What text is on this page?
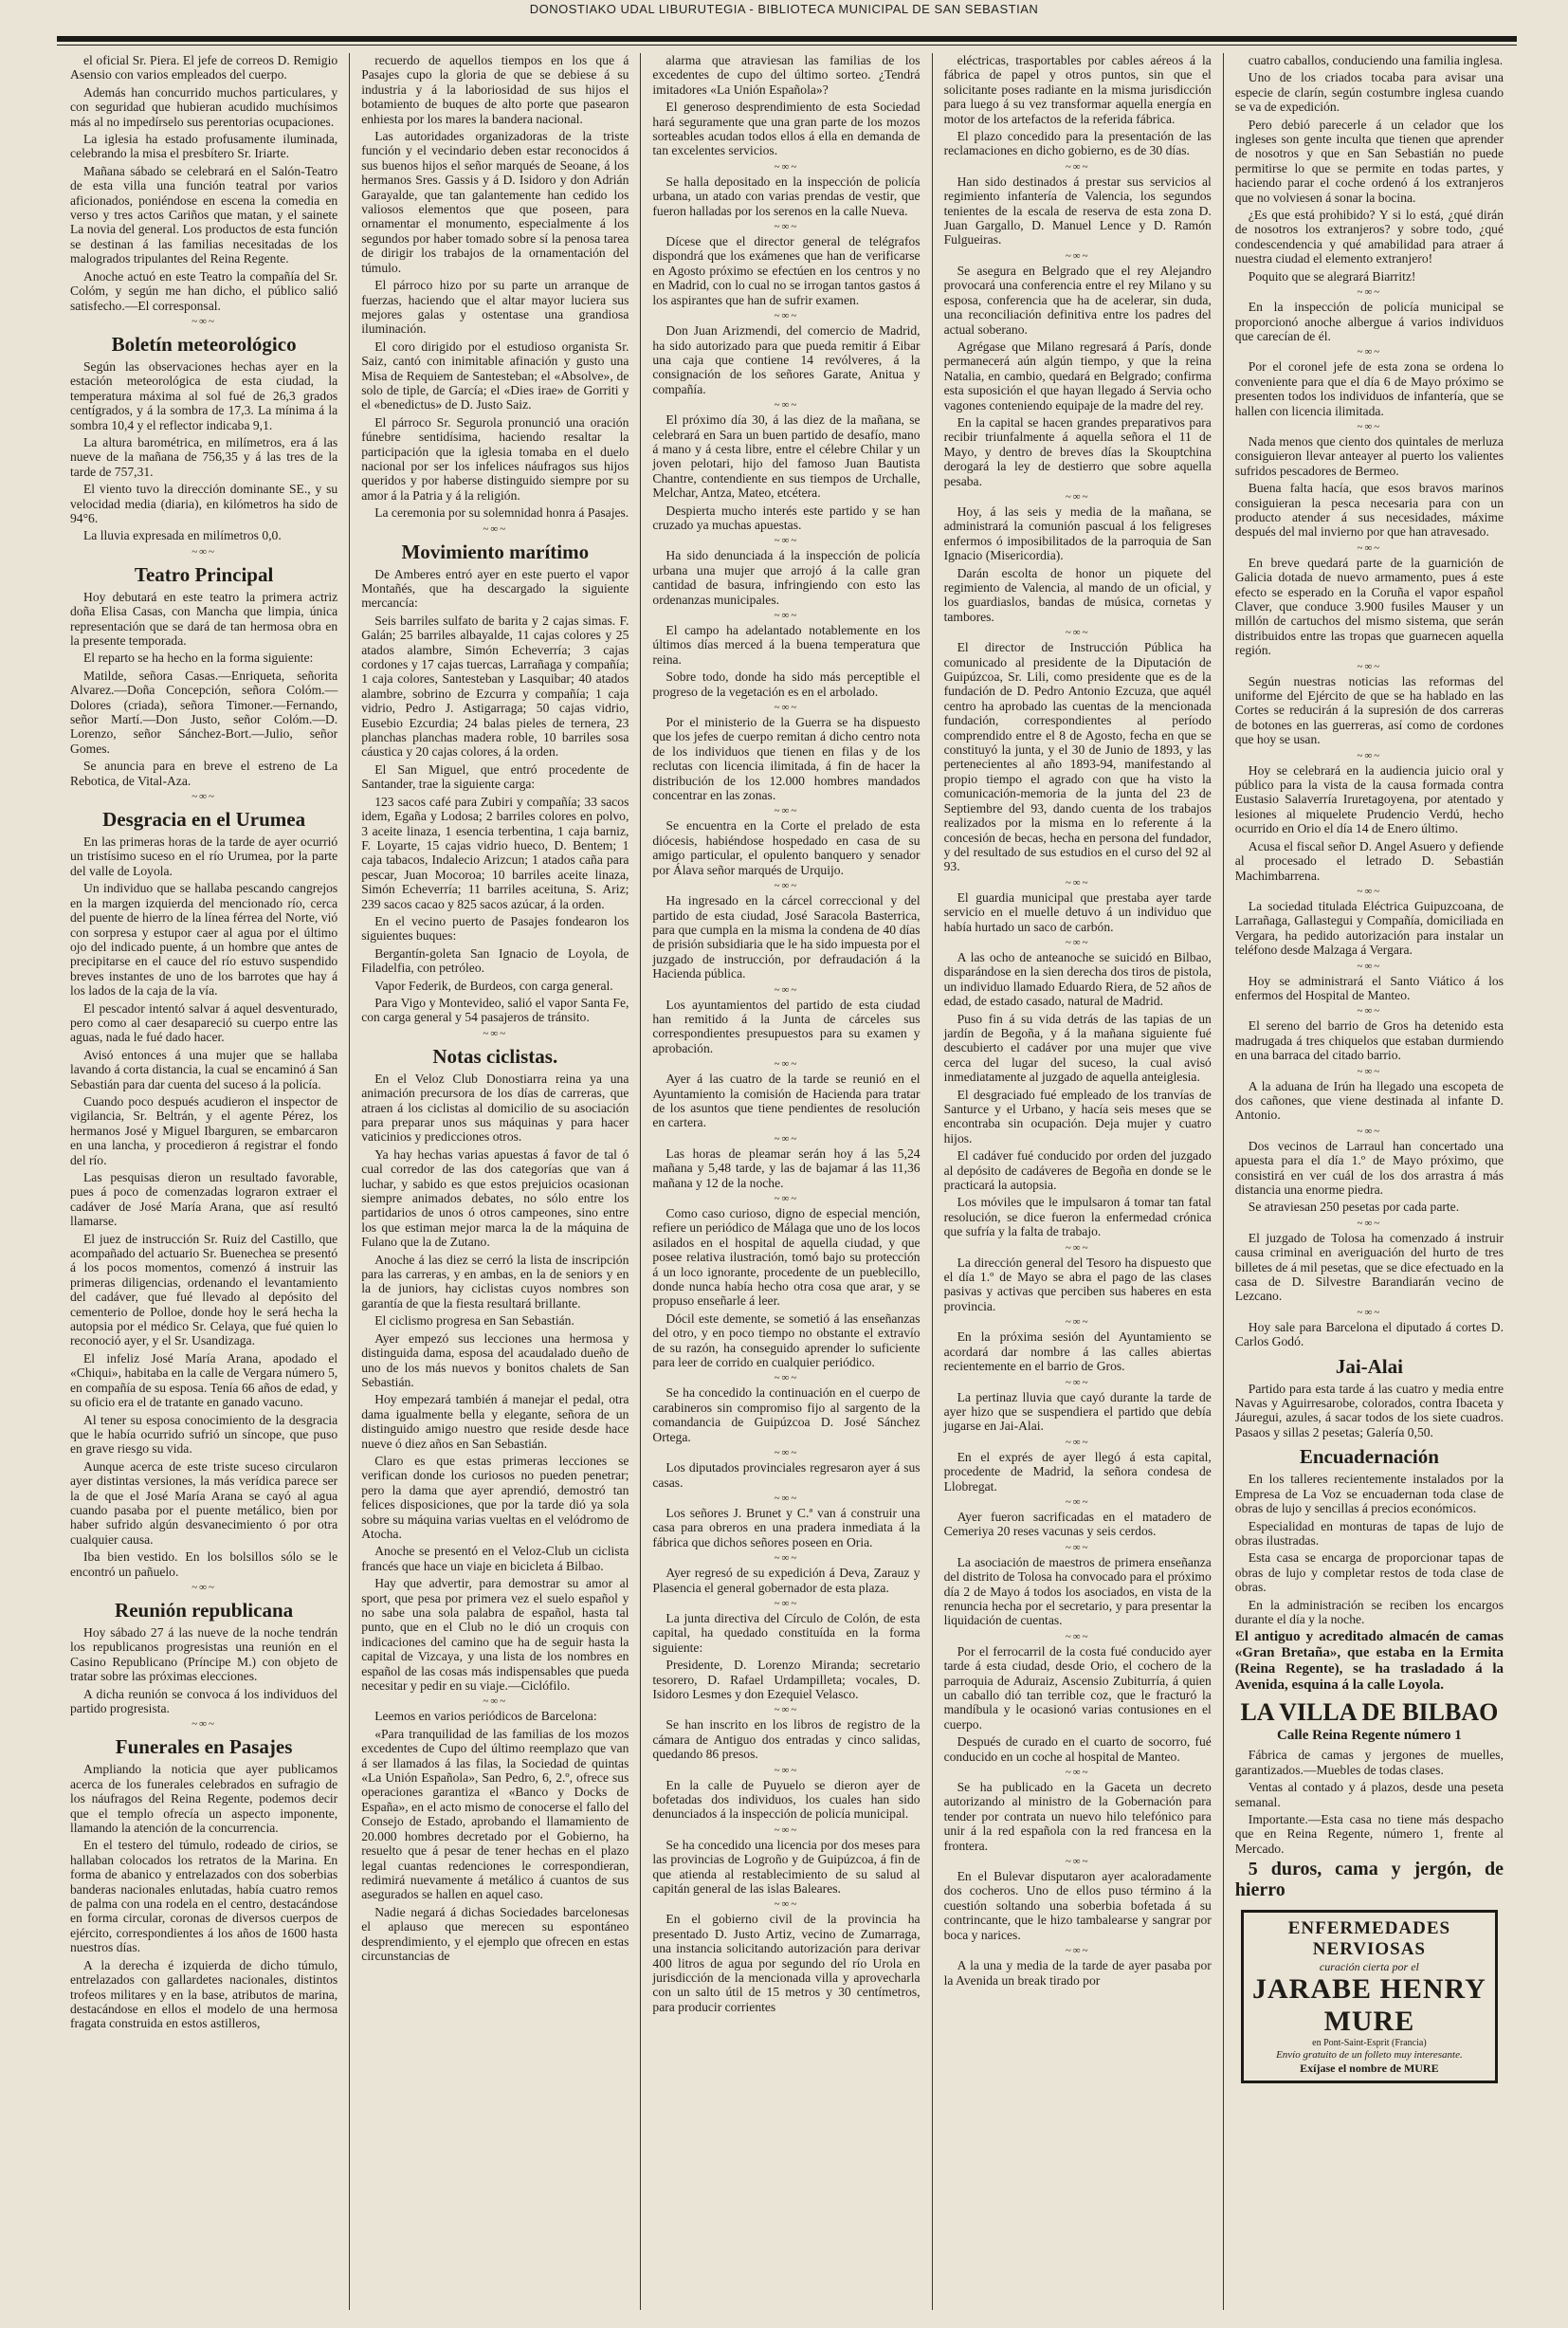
DONOSTIAKO UDAL LIBURUTEGIA - BIBLIOTECA MUNICIPAL DE SAN SEBASTIAN

el oficial Sr. Piera. El jefe de correos D. Remigio Asensio con varios empleados del cuerpo.

Además han concurrido muchos particulares, y con seguridad que hubieran acudido muchísimos más al no impedírselo sus perentorias ocupaciones.

La iglesia ha estado profusamente iluminada, celebrando la misa el presbítero Sr. Iriarte.

Mañana sábado se celebrará en el Salón-Teatro de esta villa una función teatral por varios aficionados, poniéndose en escena la comedia en verso y tres actos Cariños que matan, y el sainete La novia del general. Los productos de esta función se destinan á las familias necesitadas de los malogrados tripulantes del Reina Regente.

Anoche actuó en este Teatro la compañía del Sr. Colóm, y según me han dicho, el público salió satisfecho.—El corresponsal.

~∞~
Boletín meteorológico

Según las observaciones hechas ayer en la estación meteorológica de esta ciudad, la temperatura máxima al sol fué de 26,3 grados centígrados, y á la sombra de 17,3. La mínima á la sombra 10,4 y el reflector indicaba 9,1.

La altura barométrica, en milímetros, era á las nueve de la mañana de 756,35 y á las tres de la tarde de 757,31.

El viento tuvo la dirección dominante SE., y su velocidad media (diaria), en kilómetros ha sido de 94°6.

La lluvia expresada en milímetros 0,0.

~∞~
Teatro Principal

Hoy debutará en este teatro la primera actriz doña Elisa Casas, con Mancha que limpia, única representación que se dará de tan hermosa obra en la presente temporada.

El reparto se ha hecho en la forma siguiente:

Matilde, señora Casas.—Enriqueta, señorita Alvarez.—Doña Concepción, señora Colóm.—Dolores (criada), señora Timoner.—Fernando, señor Martí.—Don Justo, señor Colóm.—D. Lorenzo, señor Sánchez-Bort.—Julio, señor Gomes.

Se anuncia para en breve el estreno de La Rebotica, de Vital-Aza.

~∞~
Desgracia en el Urumea

En las primeras horas de la tarde de ayer ocurrió un tristísimo suceso en el río Urumea, por la parte del valle de Loyola.

Un individuo que se hallaba pescando cangrejos en la margen izquierda del mencionado río, cerca del puente de hierro de la línea férrea del Norte, vió con sorpresa y estupor caer al agua por el último ojo del indicado puente, á un hombre que antes de precipitarse en el cauce del río estuvo suspendido breves instantes de uno de los barrotes que hay á los lados de la caja de la vía.

El pescador intentó salvar á aquel desventurado, pero como al caer desapareció su cuerpo entre las aguas, nada le fué dado hacer.

Avisó entonces á una mujer que se hallaba lavando á corta distancia, la cual se encaminó á San Sebastián para dar cuenta del suceso á la policía.

Cuando poco después acudieron el inspector de vigilancia, Sr. Beltrán, y el agente Pérez, los hermanos José y Miguel Ibarguren, se embarcaron en una lancha, y procedieron á registrar el fondo del río.

Las pesquisas dieron un resultado favorable, pues á poco de comenzadas lograron extraer el cadáver de José María Arana, que así resultó llamarse.

El juez de instrucción Sr. Ruiz del Castillo, que acompañado del actuario Sr. Buenechea se presentó á los pocos momentos, comenzó á instruir las primeras diligencias, ordenando el levantamiento del cadáver, que fué llevado al depósito del cementerio de Polloe, donde hoy le será hecha la autopsia por el médico Sr. Celaya, que fué quien lo reconoció ayer, y el Sr. Usandizaga.

El infeliz José María Arana, apodado el «Chiqui», habitaba en la calle de Vergara número 5, en compañía de su esposa. Tenía 66 años de edad, y su oficio era el de tratante en ganado vacuno.

Al tener su esposa conocimiento de la desgracia que le había ocurrido sufrió un síncope, que puso en grave riesgo su vida.

Aunque acerca de este triste suceso circularon ayer distintas versiones, la más verídica parece ser la de que el José María Arana se cayó al agua cuando pasaba por el puente metálico, bien por haber sufrido algún desvanecimiento ó por otra cualquier causa.

Iba bien vestido. En los bolsillos sólo se le encontró un pañuelo.

~∞~
Reunión republicana

Hoy sábado 27 á las nueve de la noche tendrán los republicanos progresistas una reunión en el Casino Republicano (Príncipe M.) con objeto de tratar sobre las próximas elecciones.

A dicha reunión se convoca á los individuos del partido progresista.

~∞~
Funerales en Pasajes

Ampliando la noticia que ayer publicamos acerca de los funerales celebrados en sufragio de los náufragos del Reina Regente, podemos decir que el templo ofrecía un aspecto imponente, llamando la atención de la concurrencia.

En el testero del túmulo, rodeado de cirios, se hallaban colocados los retratos de la Marina. En forma de abanico y entrelazados con dos soberbias banderas nacionales enlutadas, había cuatro remos de palma con una rodela en el centro, destacándose en forma circular, coronas de diversos cuerpos de ejército, correspondientes á los años de 1600 hasta nuestros días.

A la derecha é izquierda de dicho túmulo, entrelazados con gallardetes nacionales, distintos trofeos militares y en la base, atributos de marina, destacándose en ellos el modelo de una hermosa fragata construida en estos astilleros,

recuerdo de aquellos tiempos en los que á Pasajes cupo la gloria de que se debiese á su industria y á la laboriosidad de sus hijos el botamiento de buques de alto porte que pasearon enhiesta por los mares la bandera nacional.

Las autoridades organizadoras de la triste función y el vecindario deben estar reconocidos á sus buenos hijos el señor marqués de Seoane, á los hermanos Sres. Gassis y á D. Isidoro y don Adrián Garayalde, que tan galantemente han cedido los valiosos elementos que que poseen, para ornamentar el monumento, especialmente á los segundos por haber tomado sobre sí la penosa tarea de dirigir los trabajos de la ornamentación del túmulo.

El párroco hizo por su parte un arranque de fuerzas, haciendo que el altar mayor luciera sus mejores galas y ostentase una grandiosa iluminación.

El coro dirigido por el estudioso organista Sr. Saiz, cantó con inimitable afinación y gusto una Misa de Requiem de Santesteban; el «Absolve», de solo de tiple, de García; el «Dies irae» de Gorriti y el «benedictus» de D. Justo Saiz.

El párroco Sr. Segurola pronunció una oración fúnebre sentidísima, haciendo resaltar la participación que la iglesia tomaba en el duelo nacional por ser los infelices náufragos sus hijos queridos y por haberse distinguido siempre por su amor á la Patria y á la religión.

La ceremonia por su solemnidad honra á Pasajes.

~∞~
Movimiento marítimo

De Amberes entró ayer en este puerto el vapor Montañés, que ha descargado la siguiente mercancía:

Seis barriles sulfato de barita y 2 cajas simas. F. Galán; 25 barriles albayalde, 11 cajas colores y 25 atados alambre, Simón Echeverría; 3 cajas cordones y 17 cajas tuercas, Larrañaga y compañía; 1 caja colores, Santesteban y Lasquibar; 40 atados alambre, sobrino de Ezcurra y compañía; 1 caja vidrio, Pedro J. Astigarraga; 50 cajas vidrio, Eusebio Ezcurdia; 24 balas pieles de ternera, 23 planchas planchas madera roble, 10 barriles sosa cáustica y 20 cajas colores, á la orden.

El San Miguel, que entró procedente de Santander, trae la siguiente carga:

123 sacos café para Zubiri y compañía; 33 sacos idem, Egaña y Lodosa; 2 barriles colores en polvo, 3 aceite linaza, 1 esencia terbentina, 1 caja barniz, F. Loyarte, 15 cajas vidrio hueco, D. Bentem; 1 caja tabacos, Indalecio Arizcun; 1 atados caña para pescar, Juan Mocoroa; 10 barriles aceite linaza, Simón Echeverría; 11 barriles aceituna, S. Ariz; 239 sacos cacao y 825 sacos azúcar, á la orden.

En el vecino puerto de Pasajes fondearon los siguientes buques:

Bergantín-goleta San Ignacio de Loyola, de Filadelfia, con petróleo.

Vapor Federik, de Burdeos, con carga general.

Para Vigo y Montevideo, salió el vapor Santa Fe, con carga general y 54 pasajeros de tránsito.

~∞~
Notas ciclistas.

En el Veloz Club Donostiarra reina ya una animación precursora de los días de carreras, que atraen á los ciclistas al domicilio de su asociación para preparar unos sus máquinas y para hacer vaticinios y predicciones otros.

Ya hay hechas varias apuestas á favor de tal ó cual corredor de las dos categorías que van á luchar, y sabido es que estos prejuicios ocasionan siempre animados debates, no sólo entre los partidarios de unos ó otros campeones, sino entre los que estiman mejor marca la de la máquina de Fulano que la de Zutano.

Anoche á las diez se cerró la lista de inscripción para las carreras, y en ambas, en la de seniors y en la de juniors, hay ciclistas cuyos nombres son garantía de que la fiesta resultará brillante.

El ciclismo progresa en San Sebastián.

Ayer empezó sus lecciones una hermosa y distinguida dama, esposa del acaudalado dueño de uno de los más nuevos y bonitos chalets de San Sebastián.

Hoy empezará también á manejar el pedal, otra dama igualmente bella y elegante, señora de un distinguido amigo nuestro que reside desde hace nueve ó diez años en San Sebastián.

Claro es que estas primeras lecciones se verifican donde los curiosos no pueden penetrar; pero la dama que ayer aprendió, demostró tan felices disposiciones, que por la tarde dió ya sola sobre su máquina varias vueltas en el velódromo de Atocha.

Anoche se presentó en el Veloz-Club un ciclista francés que hace un viaje en bicicleta á Bilbao.

Hay que advertir, para demostrar su amor al sport, que pesa por primera vez el suelo español y no sabe una sola palabra de español, hasta tal punto, que en el Club no le dió un croquis con indicaciones del camino que ha de seguir hasta la capital de Vizcaya, y una lista de los nombres en español de las cosas más indispensables que pueda necesitar y pedir en su viaje.—Ciclófilo.

~∞~

Leemos en varios periódicos de Barcelona:

«Para tranquilidad de las familias de los mozos excedentes de Cupo del último reemplazo que van á ser llamados á las filas, la Sociedad de quintas «La Unión Española», San Pedro, 6, 2.º, ofrece sus operaciones garantiza el «Banco y Docks de España», en el acto mismo de conocerse el fallo del Consejo de Estado, aprobando el llamamiento de 20.000 hombres decretado por el Gobierno, ha resuelto que á pesar de tener hechas en el plazo legal cuantas redenciones le correspondieran, redimirá nuevamente á metálico á cuantos de sus asegurados se hallen en aquel caso.

Nadie negará á dichas Sociedades barcelonesas el aplauso que merecen su espontáneo desprendimiento, y el ejemplo que ofrecen en estas circunstancias de

alarma que atraviesan las familias de los excedentes de cupo del último sorteo. ¿Tendrá imitadores «La Unión Española»?

El generoso desprendimiento de esta Sociedad hará seguramente que una gran parte de los mozos sorteables acudan todos ellos á ella en demanda de tan excelentes servicios.

~∞~

Se halla depositado en la inspección de policía urbana, un atado con varias prendas de vestir, que fueron halladas por los serenos en la calle Nueva.

~∞~

Dícese que el director general de telégrafos dispondrá que los exámenes que han de verificarse en Agosto próximo se efectúen en los centros y no en Madrid, con lo cual no se irrogan tantos gastos á los aspirantes que han de sufrir examen.

~∞~

Don Juan Arizmendi, del comercio de Madrid, ha sido autorizado para que pueda remitir á Eibar una caja que contiene 14 revólveres, á la consignación de los señores Garate, Anitua y compañía.

~∞~

El próximo día 30, á las diez de la mañana, se celebrará en Sara un buen partido de desafío, mano á mano y á cesta libre, entre el célebre Chilar y un joven pelotari, hijo del famoso Juan Bautista Chantre, contendiente en sus tiempos de Urchalle, Melchar, Antza, Mateo, etcétera.

Despierta mucho interés este partido y se han cruzado ya muchas apuestas.

~∞~

Ha sido denunciada á la inspección de policía urbana una mujer que arrojó á la calle gran cantidad de basura, infringiendo con esto las ordenanzas municipales.

~∞~

El campo ha adelantado notablemente en los últimos días merced á la buena temperatura que reina.

Sobre todo, donde ha sido más perceptible el progreso de la vegetación es en el arbolado.

~∞~

Por el ministerio de la Guerra se ha dispuesto que los jefes de cuerpo remitan á dicho centro nota de los individuos que tienen en filas y de los reclutas con licencia ilimitada, á fin de hacer la distribución de los 12.000 hombres mandados concentrar en las zonas.

~∞~

Se encuentra en la Corte el prelado de esta diócesis, habiéndose hospedado en casa de su amigo particular, el opulento banquero y senador por Álava señor marqués de Urquijo.

~∞~

Ha ingresado en la cárcel correccional y del partido de esta ciudad, José Saracola Basterrica, para que cumpla en la misma la condena de 40 días de prisión subsidiaria que le ha sido impuesta por el juzgado de instrucción, por defraudación á la Hacienda pública.

~∞~

Los ayuntamientos del partido de esta ciudad han remitido á la Junta de cárceles sus correspondientes presupuestos para su examen y aprobación.

~∞~

Ayer á las cuatro de la tarde se reunió en el Ayuntamiento la comisión de Hacienda para tratar de los asuntos que tiene pendientes de resolución en cartera.

~∞~

Las horas de pleamar serán hoy á las 5,24 mañana y 5,48 tarde, y las de bajamar á las 11,36 mañana y 12 de la noche.

~∞~

Como caso curioso, digno de especial mención, refiere un periódico de Málaga que uno de los locos asilados en el hospital de aquella ciudad, y que posee relativa ilustración, tomó bajo su protección á un loco ignorante, procedente de un pueblecillo, donde nunca había hecho otra cosa que arar, y se propuso enseñarle á leer.

Dócil este demente, se sometió á las enseñanzas del otro, y en poco tiempo no obstante el extravío de su razón, ha conseguido aprender lo suficiente para leer de corrido en cualquier periódico.

~∞~

Se ha concedido la continuación en el cuerpo de carabineros sin compromiso fijo al sargento de la comandancia de Guipúzcoa D. José Sánchez Ortega.

~∞~

Los diputados provinciales regresaron ayer á sus casas.

~∞~

Los señores J. Brunet y C.ª van á construir una casa para obreros en una pradera inmediata á la fábrica que dichos señores poseen en Oria.

~∞~

Ayer regresó de su expedición á Deva, Zarauz y Plasencia el general gobernador de esta plaza.

~∞~

La junta directiva del Círculo de Colón, de esta capital, ha quedado constituída en la forma siguiente:

Presidente, D. Lorenzo Miranda; secretario tesorero, D. Rafael Urdampilleta; vocales, D. Isidoro Lesmes y don Ezequiel Velasco.

~∞~

Se han inscrito en los libros de registro de la cámara de Antiguo dos entradas y cinco salidas, quedando 86 presos.

~∞~

En la calle de Puyuelo se dieron ayer de bofetadas dos individuos, los cuales han sido denunciados á la inspección de policía municipal.

~∞~

Se ha concedido una licencia por dos meses para las provincias de Logroño y de Guipúzcoa, á fin de que atienda al restablecimiento de su salud al capitán general de las islas Baleares.

~∞~

En el gobierno civil de la provincia ha presentado D. Justo Artiz, vecino de Zumarraga, una instancia solicitando autorización para derivar 400 litros de agua por segundo del río Urola en jurisdicción de la mencionada villa y aprovecharla con un salto útil de 15 metros y 30 centímetros, para producir corrientes

eléctricas, trasportables por cables aéreos á la fábrica de papel y otros puntos, sin que el solicitante poses radiante en la misma jurisdicción para luego á su vez transformar aquella energía en motor de los artefactos de la referida fábrica.

El plazo concedido para la presentación de las reclamaciones en dicho gobierno, es de 30 días.

~∞~

Han sido destinados á prestar sus servicios al regimiento infantería de Valencia, los segundos tenientes de la escala de reserva de esta zona D. Juan Gargallo, D. Manuel Lence y D. Ramón Fulgueiras.

~∞~

Se asegura en Belgrado que el rey Alejandro provocará una conferencia entre el rey Milano y su esposa, conferencia que ha de acelerar, sin duda, una reconciliación definitiva entre los padres del actual soberano.

Agrégase que Milano regresará á París, donde permanecerá aún algún tiempo, y que la reina Natalia, en cambio, quedará en Belgrado; confirma esta suposición el que hayan llegado á Servia ocho vagones conteniendo equipaje de la madre del rey.

En la capital se hacen grandes preparativos para recibir triunfalmente á aquella señora el 11 de Mayo, y dentro de breves días la Skouptchina derogará la ley de destierro que sobre aquella pesaba.

~∞~

Hoy, á las seis y media de la mañana, se administrará la comunión pascual á los feligreses enfermos ó imposibilitados de la parroquia de San Ignacio (Misericordia).

Darán escolta de honor un piquete del regimiento de Valencia, al mando de un oficial, y los guardiaslos, bandas de música, cornetas y tambores.

~∞~

El director de Instrucción Pública ha comunicado al presidente de la Diputación de Guipúzcoa, Sr. Lili, como presidente que es de la fundación de D. Pedro Antonio Ezcuza, que aquél centro ha aprobado las cuentas de la mencionada fundación, correspondientes al período comprendido entre el 8 de Agosto, fecha en que se constituyó la junta, y el 30 de Junio de 1893, y las pertenecientes al año 1893-94, manifestando al propio tiempo el agrado con que ha visto la comunicación-memoria de la junta del 23 de Septiembre del 93, dando cuenta de los trabajos realizados por la misma en lo referente á la concesión de becas, hecha en persona del fundador, y del resultado de sus estudios en el curso del 92 al 93.

~∞~

El guardia municipal que prestaba ayer tarde servicio en el muelle detuvo á un individuo que había hurtado un saco de carbón.

~∞~

A las ocho de anteanoche se suicidó en Bilbao, disparándose en la sien derecha dos tiros de pistola, un individuo llamado Eduardo Riera, de 52 años de edad, de estado casado, natural de Madrid.

Puso fin á su vida detrás de las tapias de un jardín de Begoña, y á la mañana siguiente fué descubierto el cadáver por una mujer que vive cerca del lugar del suceso, la cual avisó inmediatamente al juzgado de aquella anteiglesia.

El desgraciado fué empleado de los tranvías de Santurce y el Urbano, y hacía seis meses que se encontraba sin ocupación. Deja mujer y cuatro hijos.

El cadáver fué conducido por orden del juzgado al depósito de cadáveres de Begoña en donde se le practicará la autopsia.

Los móviles que le impulsaron á tomar tan fatal resolución, se dice fueron la enfermedad crónica que sufría y la falta de trabajo.

~∞~

La dirección general del Tesoro ha dispuesto que el día 1.º de Mayo se abra el pago de las clases pasivas y activas que perciben sus haberes en esta provincia.

~∞~

En la próxima sesión del Ayuntamiento se acordará dar nombre á las calles abiertas recientemente en el barrio de Gros.

~∞~

La pertinaz lluvia que cayó durante la tarde de ayer hizo que se suspendiera el partido que debía jugarse en Jai-Alai.

~∞~

En el exprés de ayer llegó á esta capital, procedente de Madrid, la señora condesa de Llobregat.

~∞~

Ayer fueron sacrificadas en el matadero de Cemeriya 20 reses vacunas y seis cerdos.

~∞~

La asociación de maestros de primera enseñanza del distrito de Tolosa ha convocado para el próximo día 2 de Mayo á todos los asociados, en vista de la renuncia hecha por el secretario, y para presentar la liquidación de cuentas.

~∞~

Por el ferrocarril de la costa fué conducido ayer tarde á esta ciudad, desde Orio, el cochero de la parroquia de Aduraiz, Ascensio Zubiturría, á quien un caballo dió tan terrible coz, que le fracturó la mandíbula y le ocasionó varias contusiones en el cuerpo.

Después de curado en el cuarto de socorro, fué conducido en un coche al hospital de Manteo.

~∞~

Se ha publicado en la Gaceta un decreto autorizando al ministro de la Gobernación para tender por contrata un nuevo hilo telefónico para unir á la red española con la red francesa en la frontera.

~∞~

En el Bulevar disputaron ayer acaloradamente dos cocheros. Uno de ellos puso término á la cuestión soltando una soberbia bofetada á su contrincante, que le hizo tambalearse y sangrar por boca y narices.

~∞~

A la una y media de la tarde de ayer pasaba por la Avenida un break tirado por

cuatro caballos, conduciendo una familia inglesa.

Uno de los criados tocaba para avisar una especie de clarín, según costumbre inglesa cuando se va de expedición.

Pero debió parecerle á un celador que los ingleses son gente inculta que tienen que aprender de nosotros y que en San Sebastián no puede permitirse lo que se permite en todas partes, y haciendo parar el coche ordenó á los extranjeros que no volviesen á sonar la bocina.

¿Es que está prohibido? Y si lo está, ¿qué dirán de nosotros los extranjeros? y sobre todo, ¿qué condescendencia y qué amabilidad para atraer á nuestra ciudad el elemento extranjero!

Poquito que se alegrará Biarritz!

~∞~

En la inspección de policía municipal se proporcionó anoche albergue á varios individuos que carecían de él.

~∞~

Por el coronel jefe de esta zona se ordena lo conveniente para que el día 6 de Mayo próximo se presenten todos los individuos de infantería, que se hallen con licencia ilimitada.

~∞~

Nada menos que ciento dos quintales de merluza consiguieron llevar anteayer al puerto los valientes sufridos pescadores de Bermeo.

Buena falta hacía, que esos bravos marinos consiguieran la pesca necesaria para con un producto atender á sus necesidades, máxime después del mal invierno por que han atravesado.

~∞~

En breve quedará parte de la guarnición de Galicia dotada de nuevo armamento, pues á este efecto se esperado en la Coruña el vapor español Claver, que conduce 3.900 fusiles Mauser y un millón de cartuchos del mismo sistema, que serán distribuidos entre las tropas que guarnecen aquella región.

~∞~

Según nuestras noticias las reformas del uniforme del Ejército de que se ha hablado en las Cortes se reducirán á la supresión de dos carreras de botones en las guerreras, así como de cordones que hoy se usan.

~∞~

Hoy se celebrará en la audiencia juicio oral y público para la vista de la causa formada contra Eustasio Salaverría Iruretagoyena, por atentado y lesiones al miquelete Prudencio Verdú, hecho ocurrido en Orio el día 14 de Enero último.

Acusa el fiscal señor D. Angel Asuero y defiende al procesado el letrado D. Sebastián Machimbarrena.

~∞~

La sociedad titulada Eléctrica Guipuzcoana, de Larrañaga, Gallastegui y Compañía, domiciliada en Vergara, ha pedido autorización para instalar un teléfono desde Malzaga á Vergara.

~∞~

Hoy se administrará el Santo Viático á los enfermos del Hospital de Manteo.

~∞~

El sereno del barrio de Gros ha detenido esta madrugada á tres chiquelos que estaban durmiendo en una barraca del citado barrio.

~∞~

A la aduana de Irún ha llegado una escopeta de dos cañones, que viene destinada al infante D. Antonio.

~∞~

Dos vecinos de Larraul han concertado una apuesta para el día 1.º de Mayo próximo, que consistirá en ver cuál de los dos arrastra á más distancia una enorme piedra.

Se atraviesan 250 pesetas por cada parte.

~∞~

El juzgado de Tolosa ha comenzado á instruir causa criminal en averiguación del hurto de tres billetes de á mil pesetas, que se dice efectuado en la casa de D. Silvestre Barandiarán vecino de Lezcano.

~∞~

Hoy sale para Barcelona el diputado á cortes D. Carlos Godó.

Jai-Alai

Partido para esta tarde á las cuatro y media entre Navas y Aguirresarobe, colorados, contra Ibaceta y Jáuregui, azules, á sacar todos de los siete cuadros. Pasaos y sillas 2 pesetas; Galería 0,50.

Encuadernación

En los talleres recientemente instalados por la Empresa de La Voz se encuadernan toda clase de obras de lujo y sencillas á precios económicos.

Especialidad en monturas de tapas de lujo de obras ilustradas.

Esta casa se encarga de proporcionar tapas de obras de lujo y completar restos de toda clase de obras.

En la administración se reciben los encargos durante el día y la noche.

El antiguo y acreditado almacén de camas «Gran Bretaña», que estaba en la Ermita (Reina Regente), se ha trasladado á la Avenida, esquina á la calle Loyola.

LA VILLA DE BILBAO
Calle Reina Regente número 1

Fábrica de camas y jergones de muelles, garantizados.—Muebles de todas clases.

Ventas al contado y á plazos, desde una peseta semanal.

Importante.—Esta casa no tiene más despacho que en Reina Regente, número 1, frente al Mercado.

5 duros, cama y jergón, de hierro

ENFERMEDADES NERVIOSAS
curación cierta por el
JARABE HENRY MURE
en Pont-Saint-Esprit (Francia)
Envío gratuito de un folleto muy interesante.
Exíjase el nombre de MURE
